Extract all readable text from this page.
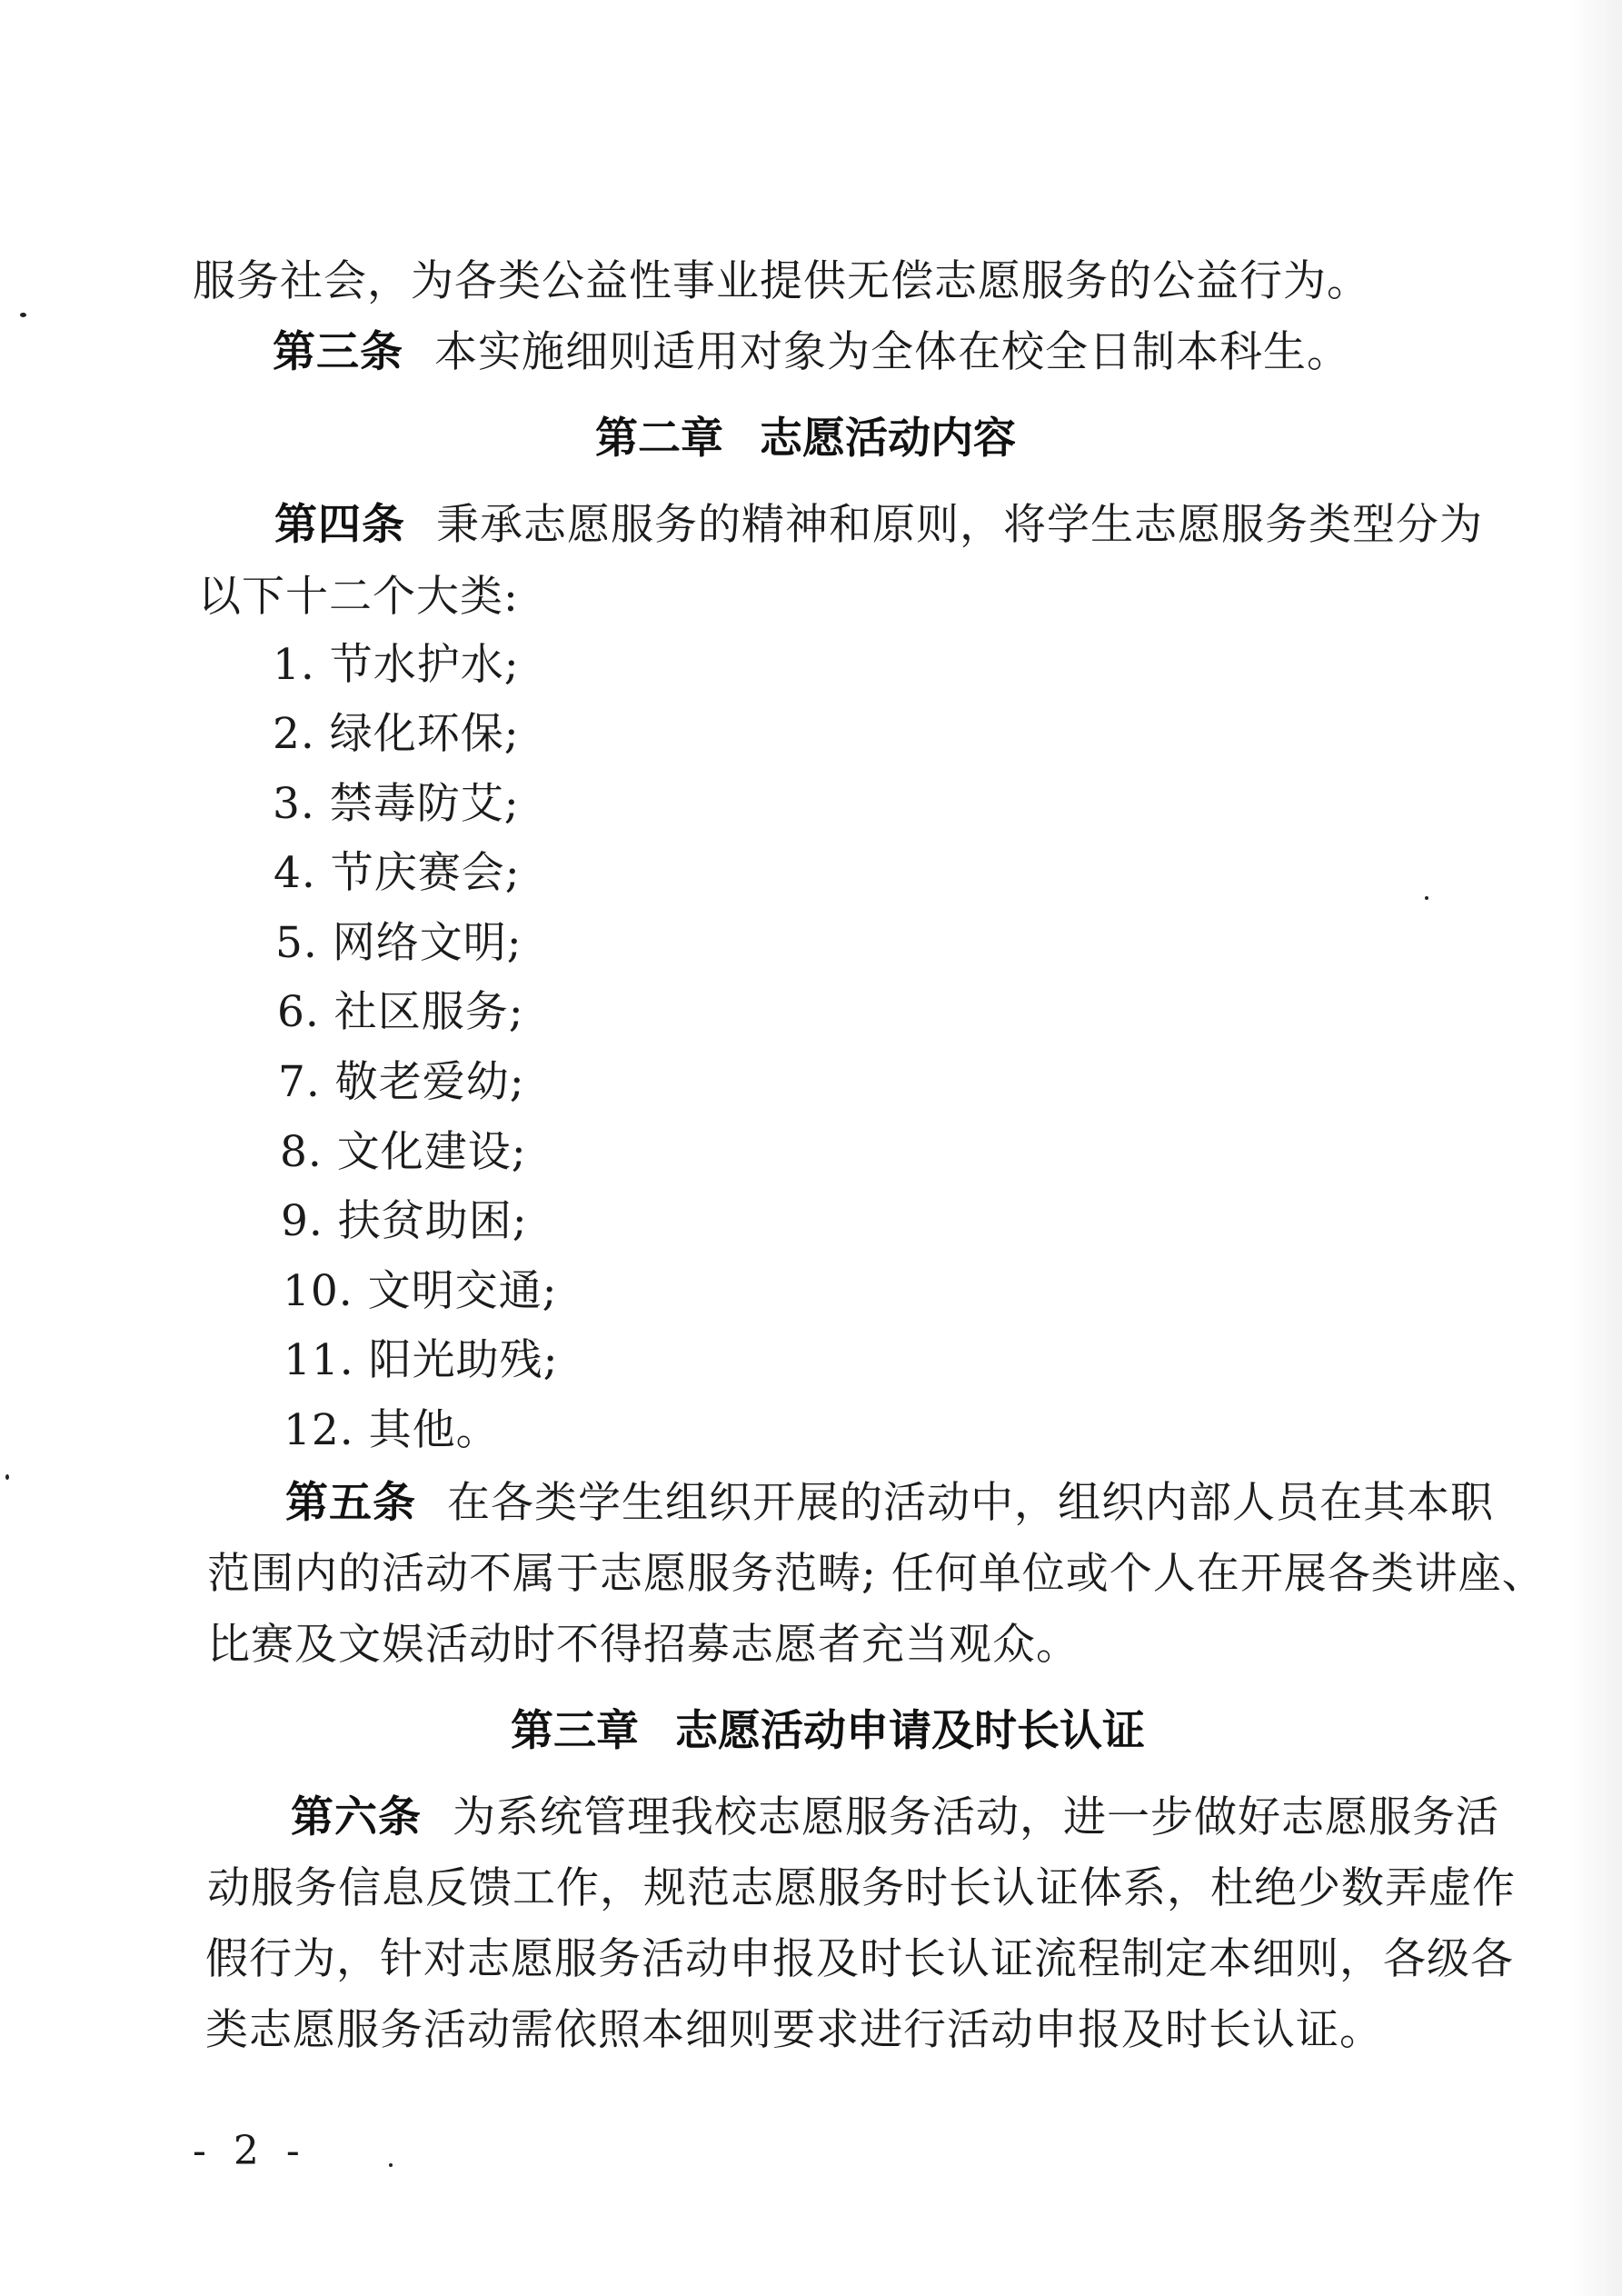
服务社会，为各类公益性事业提供无偿志愿服务的公益行为。
第三条 本实施细则适用对象为全体在校全日制本科生。
第二章 志愿活动内容
第四条 秉承志愿服务的精神和原则，将学生志愿服务类型分为
以下十二个大类:
1. 节水护水;
2. 绿化环保;
3. 禁毒防艾;
4. 节庆赛会;
5. 网络文明;
6. 社区服务;
7. 敬老爱幼;
8. 文化建设;
9. 扶贫助困;
10. 文明交通;
11. 阳光助残;
12. 其他。
第五条 在各类学生组织开展的活动中，组织内部人员在其本职
范围内的活动不属于志愿服务范畴; 任何单位或个人在开展各类讲座、
比赛及文娱活动时不得招募志愿者充当观众。
第三章 志愿活动申请及时长认证
第六条 为系统管理我校志愿服务活动，进一步做好志愿服务活
动服务信息反馈工作，规范志愿服务时长认证体系，杜绝少数弄虚作
假行为，针对志愿服务活动申报及时长认证流程制定本细则，各级各
类志愿服务活动需依照本细则要求进行活动申报及时长认证。
- 2 -
